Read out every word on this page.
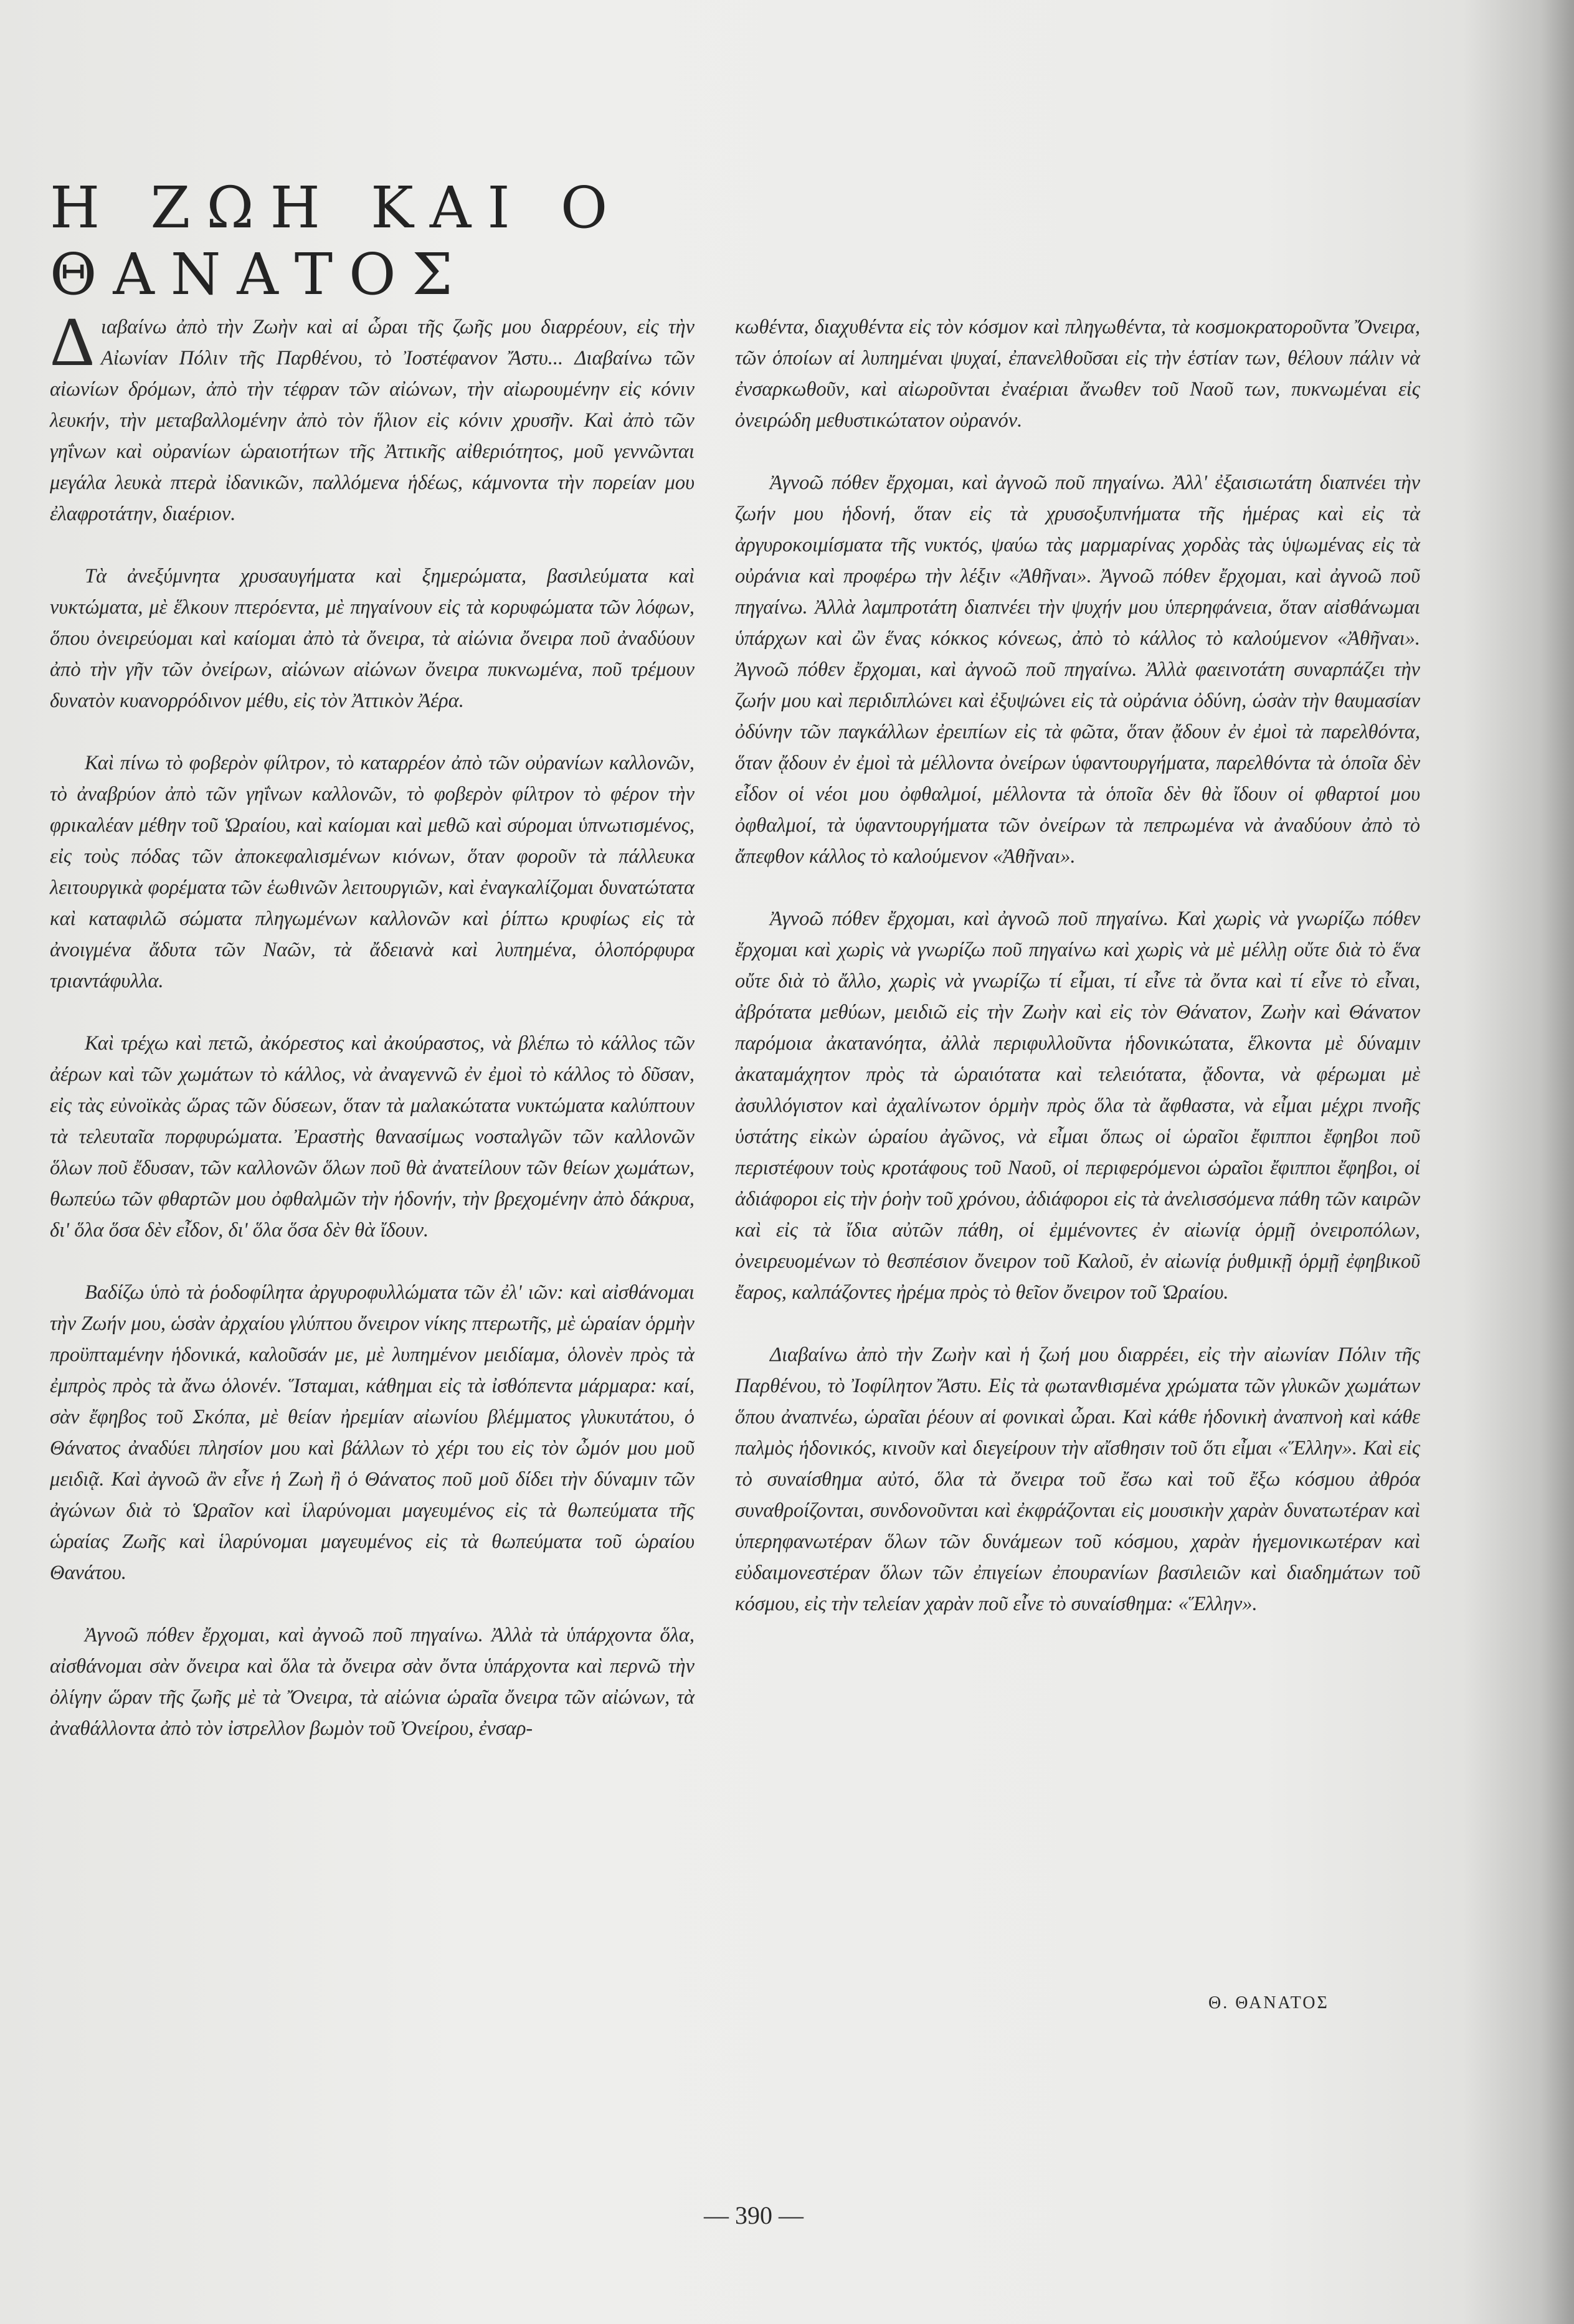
Η ΖΩΗ ΚΑΙ Ο ΘΑΝΑΤΟΣ

Διαβαίνω ἀπὸ τὴν Ζωὴν καὶ αἱ ὧραι τῆς ζωῆς μου διαρρέουν, εἰς τὴν Αἰωνίαν Πόλιν τῆς Παρθένου, τὸ Ἰοστέφανον Ἄστυ... Διαβαίνω τῶν αἰωνίων δρόμων, ἀπὸ τὴν τέφραν τῶν αἰώνων, τὴν αἰωρουμένην εἰς κόνιν λευκήν, τὴν μεταβαλλομένην ἀπὸ τὸν ἥλιον εἰς κόνιν χρυσῆν. Καὶ ἀπὸ τῶν γηΐνων καὶ οὐρανίων ὡραιοτήτων τῆς Ἀττικῆς αἰθεριότητος, μοῦ γεννῶνται μεγάλα λευκὰ πτερὰ ἰδανικῶν, παλλόμενα ἡδέως, κάμνοντα τὴν πορείαν μου ἐλαφροτάτην, διαέριον.

Τὰ ἀνεξύμνητα χρυσαυγήματα καὶ ξημερώματα, βασιλεύματα καὶ νυκτώματα, μὲ ἕλκουν πτερόεντα, μὲ πηγαίνουν εἰς τὰ κορυφώματα τῶν λόφων, ὅπου ὀνειρεύομαι καὶ καίομαι ἀπὸ τὰ ὄνειρα, τὰ αἰώνια ὄνειρα ποῦ ἀναδύουν ἀπὸ τὴν γῆν τῶν ὀνείρων, αἰώνων αἰώνων ὄνειρα πυκνωμένα, ποῦ τρέμουν δυνατὸν κυανορρόδινον μέθυ, εἰς τὸν Ἀττικὸν Ἀέρα.

Καὶ πίνω τὸ φοβερὸν φίλτρον, τὸ καταρρέον ἀπὸ τῶν οὐρανίων καλλονῶν, τὸ ἀναβρύον ἀπὸ τῶν γηΐνων καλλονῶν, τὸ φοβερὸν φίλτρον τὸ φέρον τὴν φρικαλέαν μέθην τοῦ Ὡραίου, καὶ καίομαι καὶ μεθῶ καὶ σύρομαι ὑπνωτισμένος, εἰς τοὺς πόδας τῶν ἀποκεφαλισμένων κιόνων, ὅταν φοροῦν τὰ πάλλευκα λειτουργικὰ φορέματα τῶν ἑωθινῶν λειτουργιῶν, καὶ ἐναγκαλίζομαι δυνατώτατα καὶ καταφιλῶ σώματα πληγωμένων καλλονῶν καὶ ῥίπτω κρυφίως εἰς τὰ ἀνοιγμένα ἄδυτα τῶν Ναῶν, τὰ ἄδειανὰ καὶ λυπημένα, ὁλοπόρφυρα τριαντάφυλλα.

Καὶ τρέχω καὶ πετῶ, ἀκόρεστος καὶ ἀκούραστος, νὰ βλέπω τὸ κάλλος τῶν ἀέρων καὶ τῶν χωμάτων τὸ κάλλος, νὰ ἀναγεννῶ ἐν ἐμοὶ τὸ κάλλος τὸ δῦσαν, εἰς τὰς εὐνοϊκὰς ὥρας τῶν δύσεων, ὅταν τὰ μαλακώτατα νυκτώματα καλύπτουν τὰ τελευταῖα πορφυρώματα. Ἐραστὴς θανασίμως νοσταλγῶν τῶν καλλονῶν ὅλων ποῦ ἔδυσαν, τῶν καλλονῶν ὅλων ποῦ θὰ ἀνατείλουν τῶν θείων χωμάτων, θωπεύω τῶν φθαρτῶν μου ὀφθαλμῶν τὴν ἡδονήν, τὴν βρεχομένην ἀπὸ δάκρυα, δι' ὅλα ὅσα δὲν εἶδον, δι' ὅλα ὅσα δὲν θὰ ἴδουν.

Βαδίζω ὑπὸ τὰ ῥοδοφίλητα ἀργυροφυλλώματα τῶν ἐλ' ιῶν: καὶ αἰσθάνομαι τὴν Ζωήν μου, ὡσὰν ἀρχαίου γλύπτου ὄνειρον νίκης πτερωτῆς, μὲ ὡραίαν ὁρμὴν προϋπταμένην ἡδονικά, καλοῦσάν με, μὲ λυπημένον μειδίαμα, ὁλονὲν πρὸς τὰ ἐμπρὸς πρὸς τὰ ἄνω ὁλονέν. Ἵσταμαι, κάθημαι εἰς τὰ ἰσθόπεντα μάρμαρα: καί, σὰν ἔφηβος τοῦ Σκόπα, μὲ θείαν ἠρεμίαν αἰωνίου βλέμματος γλυκυτάτου, ὁ Θάνατος ἀναδύει πλησίον μου καὶ βάλλων τὸ χέρι του εἰς τὸν ὦμόν μου μοῦ μειδιᾷ. Καὶ ἀγνοῶ ἂν εἶνε ἡ Ζωὴ ἢ ὁ Θάνατος ποῦ μοῦ δίδει τὴν δύναμιν τῶν ἀγώνων διὰ τὸ Ὡραῖον καὶ ἱλαρύνομαι μαγευμένος εἰς τὰ θωπεύματα τῆς ὡραίας Ζωῆς καὶ ἱλαρύνομαι μαγευμένος εἰς τὰ θωπεύματα τοῦ ὡραίου Θανάτου.

Ἀγνοῶ πόθεν ἔρχομαι, καὶ ἀγνοῶ ποῦ πηγαίνω. Ἀλλὰ τὰ ὑπάρχοντα ὅλα, αἰσθάνομαι σὰν ὄνειρα καὶ ὅλα τὰ ὄνειρα σὰν ὄντα ὑπάρχοντα καὶ περνῶ τὴν ὀλίγην ὥραν τῆς ζωῆς μὲ τὰ Ὄνειρα, τὰ αἰώνια ὡραῖα ὄνειρα τῶν αἰώνων, τὰ ἀναθάλλοντα ἀπὸ τὸν ἰστρελλον βωμὸν τοῦ Ὀνείρου, ἐνσαρ-

κωθέντα, διαχυθέντα εἰς τὸν κόσμον καὶ πληγωθέντα, τὰ κοσμοκρατοροῦντα Ὄνειρα, τῶν ὁποίων αἱ λυπημέναι ψυχαί, ἐπανελθοῦσαι εἰς τὴν ἑστίαν των, θέλουν πάλιν νὰ ἐνσαρκωθοῦν, καὶ αἰωροῦνται ἐναέριαι ἄνωθεν τοῦ Ναοῦ των, πυκνωμέναι εἰς ὀνειρώδη μεθυστικώτατον οὐρανόν.

Ἀγνοῶ πόθεν ἔρχομαι, καὶ ἀγνοῶ ποῦ πηγαίνω. Ἀλλ' ἐξαισιωτάτη διαπνέει τὴν ζωήν μου ἡδονή, ὅταν εἰς τὰ χρυσοξυπνήματα τῆς ἡμέρας καὶ εἰς τὰ ἀργυροκοιμίσματα τῆς νυκτός, ψαύω τὰς μαρμαρίνας χορδὰς τὰς ὑψωμένας εἰς τὰ οὐράνια καὶ προφέρω τὴν λέξιν «Ἀθῆναι». Ἀγνοῶ πόθεν ἔρχομαι, καὶ ἀγνοῶ ποῦ πηγαίνω. Ἀλλὰ λαμπροτάτη διαπνέει τὴν ψυχήν μου ὑπερηφάνεια, ὅταν αἰσθάνωμαι ὑπάρχων καὶ ὢν ἕνας κόκκος κόνεως, ἀπὸ τὸ κάλλος τὸ καλούμενον «Ἀθῆναι». Ἀγνοῶ πόθεν ἔρχομαι, καὶ ἀγνοῶ ποῦ πηγαίνω. Ἀλλὰ φαεινοτάτη συναρπάζει τὴν ζωήν μου καὶ περιδιπλώνει καὶ ἐξυψώνει εἰς τὰ οὐράνια ὀδύνη, ὡσὰν τὴν θαυμασίαν ὀδύνην τῶν παγκάλλων ἐρειπίων εἰς τὰ φῶτα, ὅταν ᾄδουν ἐν ἐμοὶ τὰ παρελθόντα, ὅταν ᾄδουν ἐν ἐμοὶ τὰ μέλλοντα ὀνείρων ὑφαντουργήματα, παρελθόντα τὰ ὁποῖα δὲν εἶδον οἱ νέοι μου ὀφθαλμοί, μέλλοντα τὰ ὁποῖα δὲν θὰ ἴδουν οἱ φθαρτοί μου ὀφθαλμοί, τὰ ὑφαντουργήματα τῶν ὀνείρων τὰ πεπρωμένα νὰ ἀναδύουν ἀπὸ τὸ ἄπεφθον κάλλος τὸ καλούμενον «Ἀθῆναι».

Ἀγνοῶ πόθεν ἔρχομαι, καὶ ἀγνοῶ ποῦ πηγαίνω. Καὶ χωρὶς νὰ γνωρίζω πόθεν ἔρχομαι καὶ χωρὶς νὰ γνωρίζω ποῦ πηγαίνω καὶ χωρὶς νὰ μὲ μέλλῃ οὔτε διὰ τὸ ἕνα οὔτε διὰ τὸ ἄλλο, χωρὶς νὰ γνωρίζω τί εἶμαι, τί εἶνε τὰ ὄντα καὶ τί εἶνε τὸ εἶναι, ἀβρότατα μεθύων, μειδιῶ εἰς τὴν Ζωὴν καὶ εἰς τὸν Θάνατον, Ζωὴν καὶ Θάνατον παρόμοια ἀκατανόητα, ἀλλὰ περιφυλλοῦντα ἡδονικώτατα, ἕλκοντα μὲ δύναμιν ἀκαταμάχητον πρὸς τὰ ὡραιότατα καὶ τελειότατα, ᾄδοντα, νὰ φέρωμαι μὲ ἀσυλλόγιστον καὶ ἀχαλίνωτον ὁρμὴν πρὸς ὅλα τὰ ἄφθαστα, νὰ εἶμαι μέχρι πνοῆς ὑστάτης εἰκὼν ὡραίου ἀγῶνος, νὰ εἶμαι ὅπως οἱ ὡραῖοι ἔφιπποι ἔφηβοι ποῦ περιστέφουν τοὺς κροτάφους τοῦ Ναοῦ, οἱ περιφερόμενοι ὡραῖοι ἔφιπποι ἔφηβοι, οἱ ἀδιάφοροι εἰς τὴν ῥοὴν τοῦ χρόνου, ἀδιάφοροι εἰς τὰ ἀνελισσόμενα πάθη τῶν καιρῶν καὶ εἰς τὰ ἴδια αὐτῶν πάθη, οἱ ἐμμένοντες ἐν αἰωνίᾳ ὁρμῇ ὀνειροπόλων, ὀνειρευομένων τὸ θεσπέσιον ὄνειρον τοῦ Καλοῦ, ἐν αἰωνίᾳ ῥυθμικῇ ὁρμῇ ἐφηβικοῦ ἔαρος, καλπάζοντες ἠρέμα πρὸς τὸ θεῖον ὄνειρον τοῦ Ὡραίου.

Διαβαίνω ἀπὸ τὴν Ζωὴν καὶ ἡ ζωή μου διαρρέει, εἰς τὴν αἰωνίαν Πόλιν τῆς Παρθένου, τὸ Ἰοφίλητον Ἄστυ. Εἰς τὰ φωτανθισμένα χρώματα τῶν γλυκῶν χωμάτων ὅπου ἀναπνέω, ὡραῖαι ῥέουν αἱ φονικαὶ ὧραι. Καὶ κάθε ἡδονικὴ ἀναπνοὴ καὶ κάθε παλμὸς ἡδονικός, κινοῦν καὶ διεγείρουν τὴν αἴσθησιν τοῦ ὅτι εἶμαι «Ἕλλην». Καὶ εἰς τὸ συναίσθημα αὐτό, ὅλα τὰ ὄνειρα τοῦ ἔσω καὶ τοῦ ἔξω κόσμου ἀθρόα συναθροίζονται, συνδονοῦνται καὶ ἐκφράζονται εἰς μουσικὴν χαρὰν δυνατωτέραν καὶ ὑπερηφανωτέραν ὅλων τῶν δυνάμεων τοῦ κόσμου, χαρὰν ἡγεμονικωτέραν καὶ εὐδαιμονεστέραν ὅλων τῶν ἐπιγείων ἐπουρανίων βασιλειῶν καὶ διαδημάτων τοῦ κόσμου, εἰς τὴν τελείαν χαρὰν ποῦ εἶνε τὸ συναίσθημα: «Ἕλλην».

Θ. ΘΑΝΑΤΟΣ
— 390 —
